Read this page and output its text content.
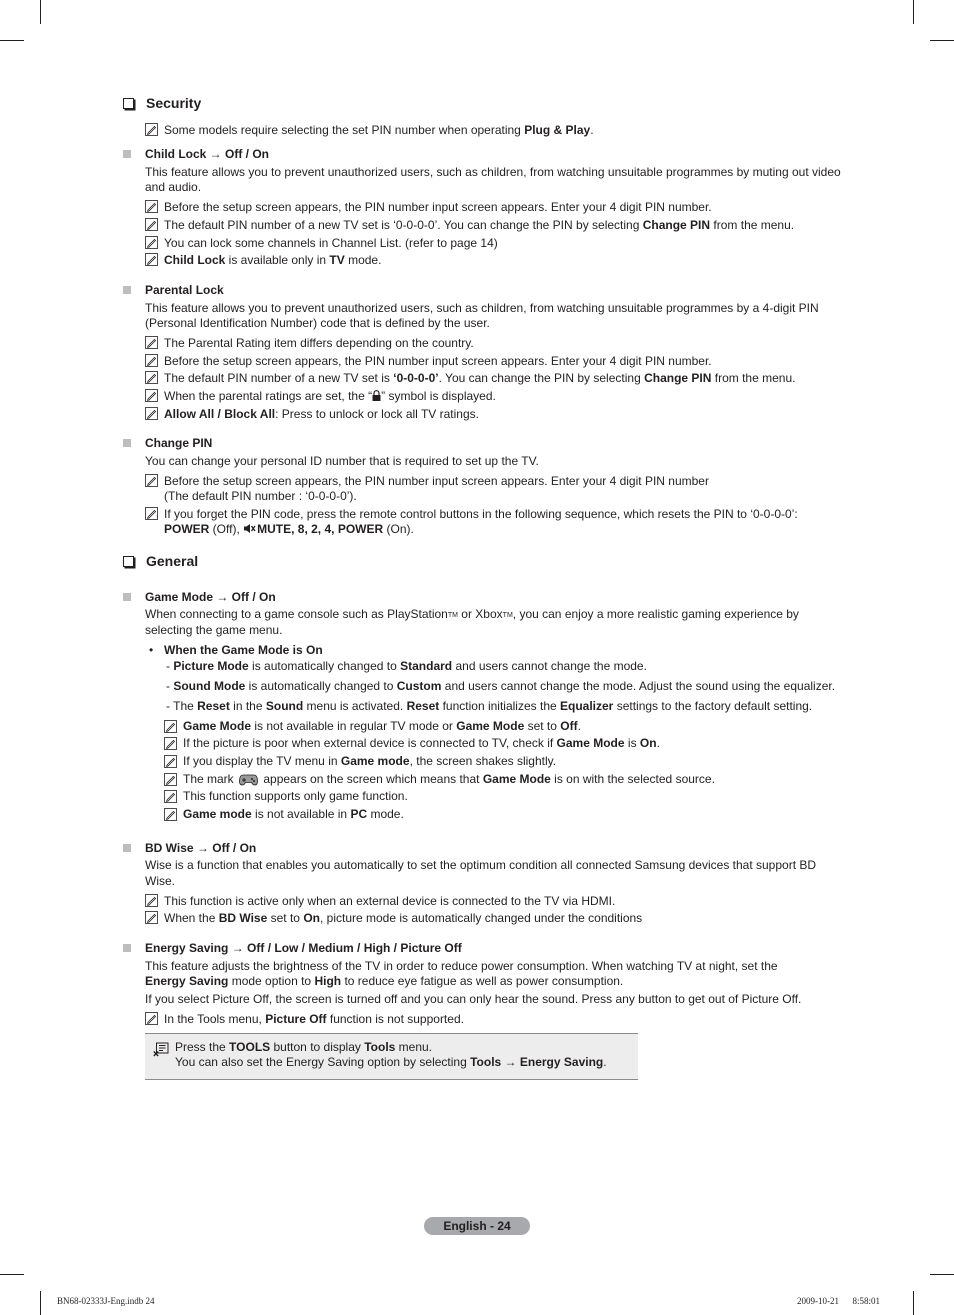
Security
Some models require selecting the set PIN number when operating Plug & Play.
Child Lock → Off / On
This feature allows you to prevent unauthorized users, such as children, from watching unsuitable programmes by muting out video
and audio.
Before the setup screen appears, the PIN number input screen appears. Enter your 4 digit PIN number.
The default PIN number of a new TV set is ‘0-0-0-0’. You can change the PIN by selecting Change PIN from the menu.
You can lock some channels in Channel List. (refer to page 14)
Child Lock is available only in TV mode.
Parental Lock
This feature allows you to prevent unauthorized users, such as children, from watching unsuitable programmes by a 4-digit PIN
(Personal Identification Number) code that is defined by the user.
The Parental Rating item differs depending on the country.
Before the setup screen appears, the PIN number input screen appears. Enter your 4 digit PIN number.
The default PIN number of a new TV set is ‘0-0-0-0’. You can change the PIN by selecting Change PIN from the menu.
When the parental ratings are set, the “ ” symbol is displayed.
Allow All / Block All: Press to unlock or lock all TV ratings.
Change PIN
You can change your personal ID number that is required to set up the TV.
Before the setup screen appears, the PIN number input screen appears. Enter your 4 digit PIN number
(The default PIN number : ‘0-0-0-0’).
If you forget the PIN code, press the remote control buttons in the following sequence, which resets the PIN to ‘0-0-0-0’:
POWER (Off), MUTE, 8, 2, 4, POWER (On).
General
Game Mode → Off / On
When connecting to a game console such as PlayStationTM or XboxTM, you can enjoy a more realistic gaming experience by
selecting the game menu.
• When the Game Mode is On
- Picture Mode is automatically changed to Standard and users cannot change the mode.
- Sound Mode is automatically changed to Custom and users cannot change the mode. Adjust the sound using the equalizer.
- The Reset in the Sound menu is activated. Reset function initializes the Equalizer settings to the factory default setting.
Game Mode is not available in regular TV mode or Game Mode set to Off.
If the picture is poor when external device is connected to TV, check if Game Mode is On.
If you display the TV menu in Game mode, the screen shakes slightly.
The mark  appears on the screen which means that Game Mode is on with the selected source.
This function supports only game function.
Game mode is not available in PC mode.
BD Wise → Off / On
Wise is a function that enables you automatically to set the optimum condition all connected Samsung devices that support BD
Wise.
This function is active only when an external device is connected to the TV via HDMI.
When the BD Wise set to On, picture mode is automatically changed under the conditions
Energy Saving → Off / Low / Medium / High / Picture Off
This feature adjusts the brightness of the TV in order to reduce power consumption. When watching TV at night, set the
Energy Saving mode option to High to reduce eye fatigue as well as power consumption.
If you select Picture Off, the screen is turned off and you can only hear the sound. Press any button to get out of Picture Off.
In the Tools menu, Picture Off function is not supported.
Press the TOOLS button to display Tools menu.
You can also set the Energy Saving option by selecting Tools → Energy Saving.
English - 24
BN68-02333J-Eng.indb 24	2009-10-21      8:58:01
